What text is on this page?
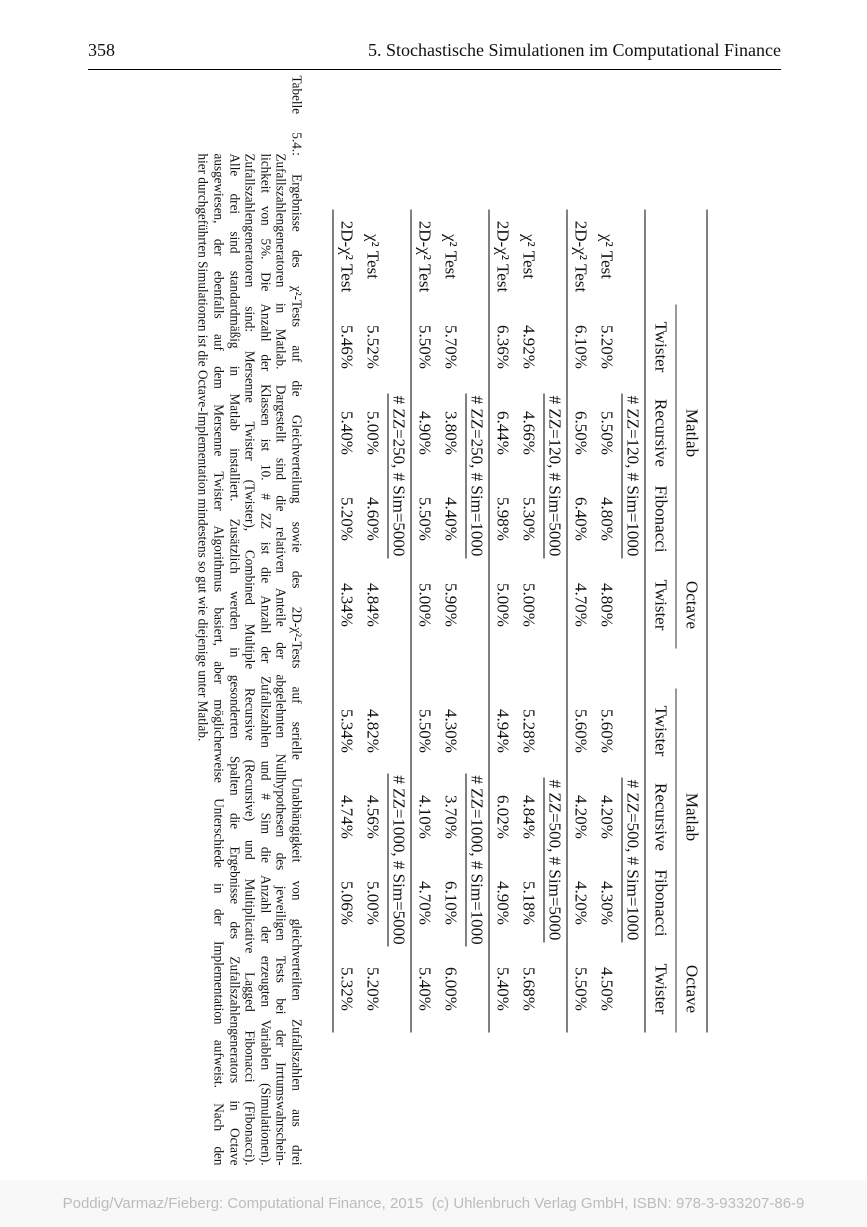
358	5. Stochastische Simulationen im Computational Finance
	Matlab			Octave		Matlab			Octave
	Twister	Recursive	Fibonacci	Twister		Twister	Recursive	Fibonacci	Twister
	# ZZ=120, # Sim=1000					# ZZ=500, # Sim=1000			
χ² Test	5.20%	5.50%	4.80%	4.80%		5.60%	4.20%	4.30%	4.50%
2D-χ² Test	6.10%	6.50%	6.40%	4.70%		5.60%	4.20%	4.20%	5.50%
	# ZZ=120, # Sim=5000					# ZZ=500, # Sim=5000			
χ² Test	4.92%	4.66%	5.30%	5.00%		5.28%	4.84%	5.18%	5.68%
2D-χ² Test	6.36%	6.44%	5.98%	5.00%		4.94%	6.02%	4.90%	5.40%
	# ZZ=250, # Sim=1000					# ZZ=1000, # Sim=1000			
χ² Test	5.70%	3.80%	4.40%	5.90%		4.30%	3.70%	6.10%	6.00%
2D-χ² Test	5.50%	4.90%	5.50%	5.00%		5.50%	4.10%	4.70%	5.40%
	# ZZ=250, # Sim=5000					# ZZ=1000, # Sim=5000			
χ² Test	5.52%	5.00%	4.60%	4.84%		4.82%	4.56%	5.00%	5.20%
2D-χ² Test	5.46%	5.40%	5.20%	4.34%		5.34%	4.74%	5.06%	5.32%
Tabelle 5.4.: Ergebnisse des χ²-Tests auf die Gleichverteilung sowie des 2D-χ²-Tests auf serielle Unabhängigkeit von gleichverteilten Zufallszahlen aus drei
Zufallszahlengeneratoren in Matlab. Dargestellt sind die relativen Anteile der abgelehnten Nullhypothesen des jeweiligen Tests bei der Irrtumswahrschein-
lichkeit von 5%. Die Anzahl der Klassen ist 10. # ZZ ist die Anzahl der Zufallszahlen und # Sim die Anzahl der erzeugten Variablen (Simulationen).
Zufallszahlengeneratoren sind: Mersenne Twister (Twister), Combined Multiple Recursive (Recursive) und Multiplicative Lagged Fibonacci (Fibonacci).
Alle drei sind standardmäßig in Matlab installiert. Zusätzlich werden in gesonderten Spalten die Ergebnisse des Zufallszahlengenerators in Octave
ausgewiesen, der ebenfalls auf dem Mersenne Twister Algorithmus basiert, aber möglicherweise Unterschiede in der Implementation aufweist. Nach den
hier durchgeführten Simulationen ist die Octave-Implementation mindestens so gut wie diejenige unter Matlab.
Poddig/Varmaz/Fieberg: Computational Finance, 2015  (c) Uhlenbruch Verlag GmbH, ISBN: 978-3-933207-86-9
